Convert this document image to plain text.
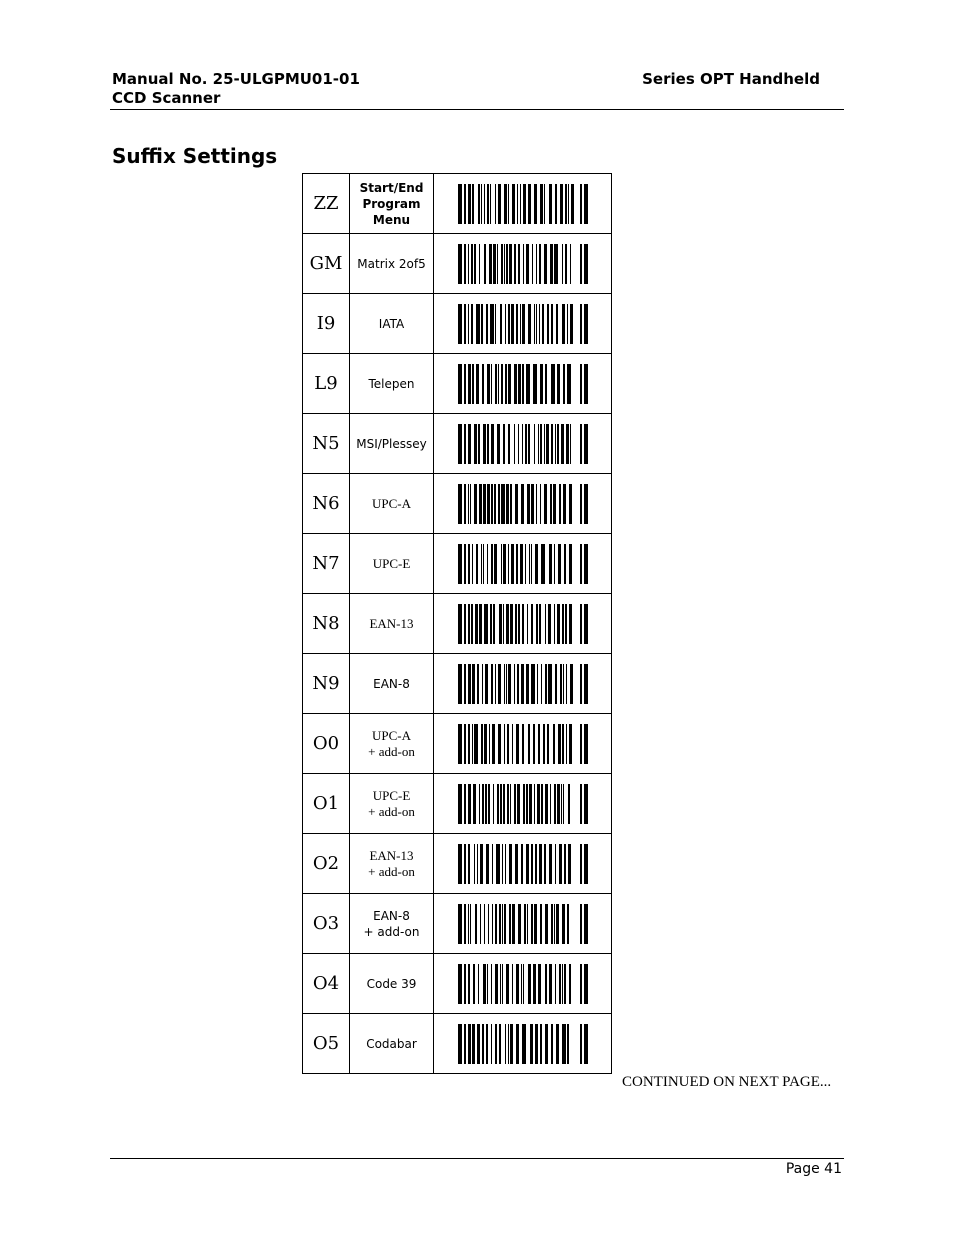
Manual No. 25-ULGPMU01-01
CCD Scanner
Series OPT Handheld
Suffix Settings
ZZ	Start/End
Program
Menu

GM	Matrix 2of5

I9	IATA

L9	Telepen

N5	MSI/Plessey

N6	UPC-A

N7	UPC-E

N8	EAN-13

N9	EAN-8

O0	UPC-A
+ add-on

O1	UPC-E
+ add-on

O2	EAN-13
+ add-on

O3	EAN-8
+ add-on

O4	Code 39

O5	Codabar

CONTINUED ON NEXT PAGE...
Page 41
